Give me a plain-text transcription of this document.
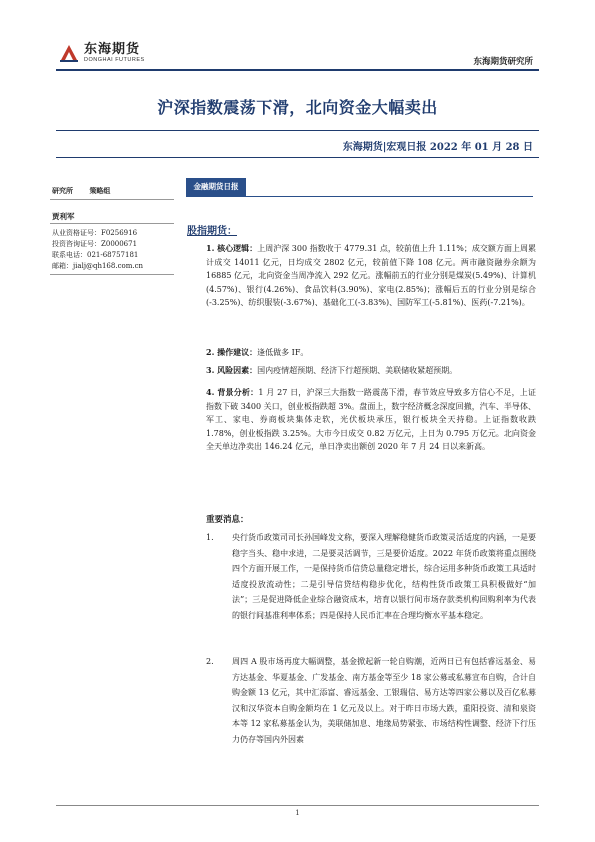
东海期货
DONGHAI FUTURES	东海期货研究所
沪深指数震荡下滑，北向资金大幅卖出
东海期货|宏观日报 2022 年 01 月 28 日
研究所 策略组
贾利军
从业资格证号：F0256916
投资咨询证号：Z0000671
联系电话：021-68757181
邮箱：jialj@qh168.com.cn
金融期货日报
股指期货：
1. 核心逻辑：上周沪深 300 指数收于 4779.31 点，较前值上升 1.11%；成交额方面上周累计成交 14011 亿元，日均成交 2802 亿元，较前值下降 108 亿元。两市融资融券余额为 16885 亿元，北向资金当周净流入 292 亿元。涨幅前五的行业分别是煤炭(5.49%)、计算机(4.57%)、银行(4.26%)、食品饮料(3.90%)、家电(2.85%)；涨幅后五的行业分别是综合(-3.25%)、纺织服装(-3.67%)、基础化工(-3.83%)、国防军工(-5.81%)、医药(-7.21%)。
2. 操作建议：逢低做多 IF。
3. 风险因素：国内疫情超预期、经济下行超预期、美联储收紧超预期。
4. 背景分析：1 月 27 日，沪深三大指数一路震荡下滑，春节效应导致多方信心不足，上证指数下破 3400 关口，创业板指跌超 3%。盘面上，数字经济概念深度回撤，汽车、半导体、军工、家电、券商板块集体走软，光伏板块承压，银行板块全天持稳。上证指数收跌 1.78%，创业板指跌 3.25%。大市今日成交 0.82 万亿元，上日为 0.795 万亿元。北向资金全天单边净卖出 146.24 亿元，单日净卖出额创 2020 年 7 月 24 日以来新高。
重要消息：
1.	央行货币政策司司长孙国峰发文称，要深入理解稳健货币政策灵活适度的内涵，一是要稳字当头、稳中求进，二是要灵活调节，三是要价适度。2022 年货币政策将重点围绕四个方面开展工作，一是保持货币信贷总量稳定增长，综合运用多种货币政策工具适时适度投放流动性；二是引导信贷结构稳步优化，结构性货币政策工具积极做好“加法”；三是促进降低企业综合融资成本，培育以银行间市场存款类机构回购利率为代表的银行间基准利率体系；四是保持人民币汇率在合理均衡水平基本稳定。
2.	周四 A 股市场再度大幅调整，基金掀起新一轮自购潮，近两日已有包括睿远基金、易方达基金、华夏基金、广发基金、南方基金等至少 18 家公募或私募宣布自购，合计自购金额 13 亿元，其中汇添富、睿远基金、工银瑞信、易方达等四家公募以及百亿私募汉和汉华资本自购金额均在 1 亿元及以上。对于昨日市场大跌，重阳投资、清和泉资本等 12 家私募基金认为，美联储加息、地缘局势紧张、市场结构性调整、经济下行压力仍存等国内外因素
1
